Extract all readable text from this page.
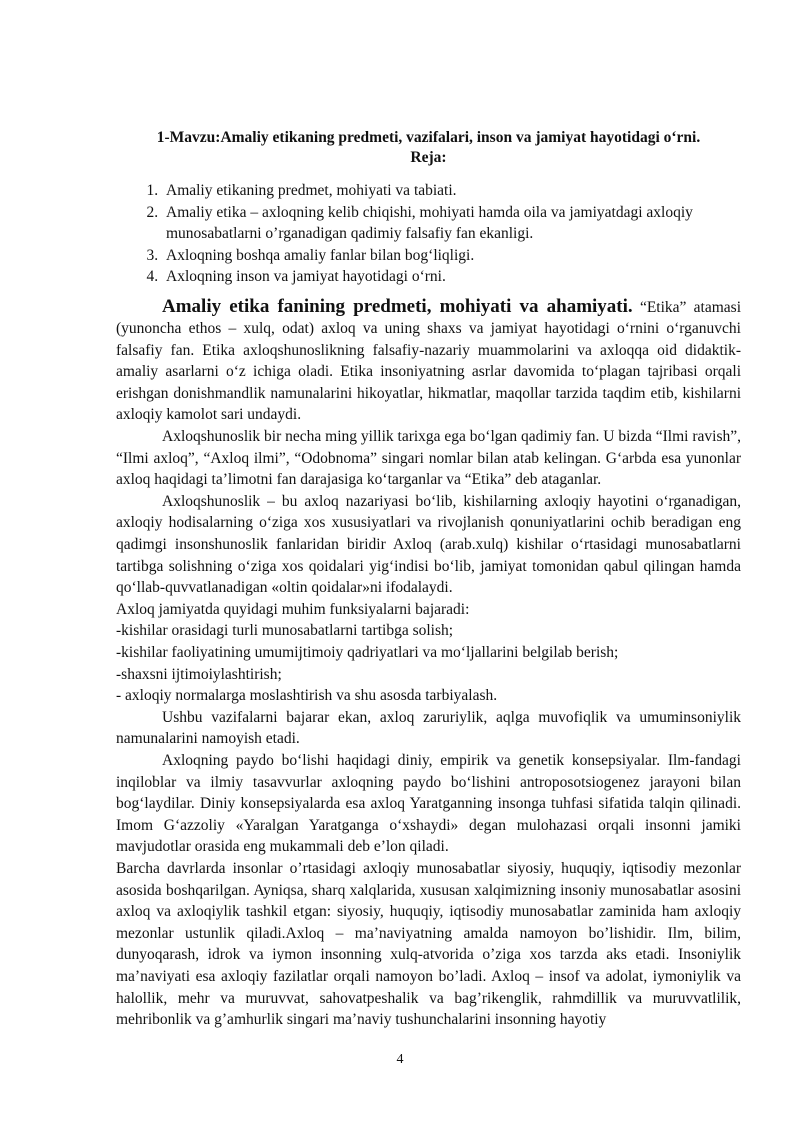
1-Mavzu:Amaliy etikaning predmeti, vazifalari, inson va jamiyat hayotidagi o‘rni.
Reja:
1. Amaliy etikaning predmet, mohiyati va tabiati.
2. Amaliy etika – axloqning kelib chiqishi, mohiyati hamda oila va jamiyatdagi axloqiy munosabatlarni o’rganadigan qadimiy falsafiy fan ekanligi.
3. Axloqning boshqa amaliy fanlar bilan bog‘liqligi.
4. Axloqning inson va jamiyat hayotidagi o‘rni.

Amaliy etika fanining predmeti, mohiyati va ahamiyati. “Etika” atamasi (yunoncha ethos – xulq, odat) axloq va uning shaxs va jamiyat hayotidagi o‘rnini o‘rganuvchi falsafiy fan. Etika axloqshunoslikning falsafiy-nazariy muammolarini va axloqqa oid didaktik-amaliy asarlarni o‘z ichiga oladi. Etika insoniyatning asrlar davomida to‘plagan tajribasi orqali erishgan donishmandlik namunalarini hikoyatlar, hikmatlar, maqollar tarzida taqdim etib, kishilarni axloqiy kamolot sari undaydi.

Axloqshunoslik bir necha ming yillik tarixga ega bo‘lgan qadimiy fan. U bizda “Ilmi ravish”, “Ilmi axloq”, “Axloq ilmi”, “Odobnoma” singari nomlar bilan atab kelingan. G‘arbda esa yunonlar axloq haqidagi ta’limotni fan darajasiga ko‘targanlar va “Etika” deb ataganlar.

Axloqshunoslik – bu axloq nazariyasi bo‘lib, kishilarning axloqiy hayotini o‘rganadigan, axloqiy hodisalarning o‘ziga xos xususiyatlari va rivojlanish qonuniyatlarini ochib beradigan eng qadimgi insonshunoslik fanlaridan biridir Axloq (arab.xulq) kishilar o‘rtasidagi munosabatlarni tartibga solishning o‘ziga xos qoidalari yig‘indisi bo‘lib, jamiyat tomonidan qabul qilingan hamda qo‘llab-quvvatlanadigan «oltin qoidalar»ni ifodalaydi.

Axloq jamiyatda quyidagi muhim funksiyalarni bajaradi:

-kishilar orasidagi turli munosabatlarni tartibga solish;

-kishilar faoliyatining umumijtimoiy qadriyatlari va mo‘ljallarini belgilab berish;

-shaxsni ijtimoiylashtirish;

- axloqiy normalarga moslashtirish va shu asosda tarbiyalash.

Ushbu vazifalarni bajarar ekan, axloq zaruriylik, aqlga muvofiqlik va umuminsoniylik namunalarini namoyish etadi.

Axloqning paydo bo‘lishi haqidagi diniy, empirik va genetik konsepsiyalar. Ilm-fandagi inqiloblar va ilmiy tasavvurlar axloqning paydo bo‘lishini antroposotsiogenez jarayoni bilan bog‘laydilar. Diniy konsepsiyalarda esa axloq Yaratganning insonga tuhfasi sifatida talqin qilinadi. Imom G‘azzoliy «Yaralgan Yaratganga o‘xshaydi» degan mulohazasi orqali insonni jamiki mavjudotlar orasida eng mukammali deb e’lon qiladi.

Barcha davrlarda insonlar o’rtasidagi axloqiy munosabatlar siyosiy, huquqiy, iqtisodiy mezonlar asosida boshqarilgan. Ayniqsa, sharq xalqlarida, xususan xalqimizning insoniy munosabatlar asosini axloq va axloqiylik tashkil etgan: siyosiy, huquqiy, iqtisodiy munosabatlar zaminida ham axloqiy mezonlar ustunlik qiladi.Axloq – ma’naviyatning amalda namoyon bo’lishidir. Ilm, bilim, dunyoqarash, idrok va iymon insonning xulq-atvorida o’ziga xos tarzda aks etadi. Insoniylik ma’naviyati esa axloqiy fazilatlar orqali namoyon bo’ladi. Axloq – insof va adolat, iymoniylik va halollik, mehr va muruvvat, sahovatpeshalik va bag’rikenglik, rahmdillik va muruvvatlilik, mehribonlik va g’amhurlik singari ma’naviy tushunchalarini insonning hayotiy

4
